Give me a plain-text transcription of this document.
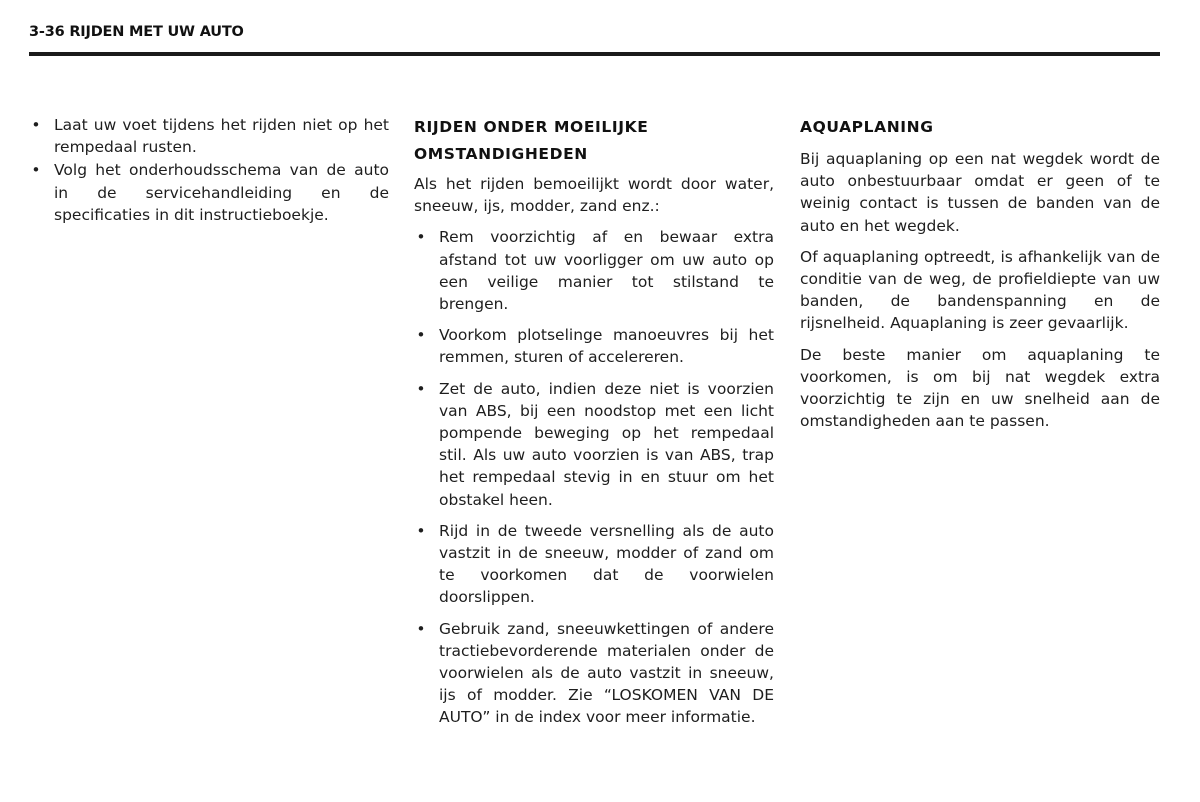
3-36 RIJDEN MET UW AUTO
• Laat uw voet tijdens het rijden niet op het rempedaal rusten.
• Volg het onderhoudsschema van de auto in de servicehandleiding en de specificaties in dit instructieboekje.
RIJDEN ONDER MOEILIJKE OMSTANDIGHEDEN

Als het rijden bemoeilijkt wordt door water, sneeuw, ijs, modder, zand enz.:

• Rem voorzichtig af en bewaar extra afstand tot uw voorligger om uw auto op een veilige manier tot stilstand te brengen.
• Voorkom plotselinge manoeuvres bij het remmen, sturen of accelereren.
• Zet de auto, indien deze niet is voorzien van ABS, bij een noodstop met een licht pompende beweging op het rempedaal stil. Als uw auto voorzien is van ABS, trap het rempedaal stevig in en stuur om het obstakel heen.
• Rijd in de tweede versnelling als de auto vastzit in de sneeuw, modder of zand om te voorkomen dat de voorwielen doorslippen.
• Gebruik zand, sneeuwkettingen of andere tractiebevorderende materialen onder de voorwielen als de auto vastzit in sneeuw, ijs of modder. Zie “LOSKOMEN VAN DE AUTO” in de index voor meer informatie.
AQUAPLANING

Bij aquaplaning op een nat wegdek wordt de auto onbestuurbaar omdat er geen of te weinig contact is tussen de banden van de auto en het wegdek.

Of aquaplaning optreedt, is afhankelijk van de conditie van de weg, de profieldiepte van uw banden, de bandenspanning en de rijsnelheid. Aquaplaning is zeer gevaarlijk.

De beste manier om aquaplaning te voorkomen, is om bij nat wegdek extra voorzichtig te zijn en uw snelheid aan de omstandigheden aan te passen.
